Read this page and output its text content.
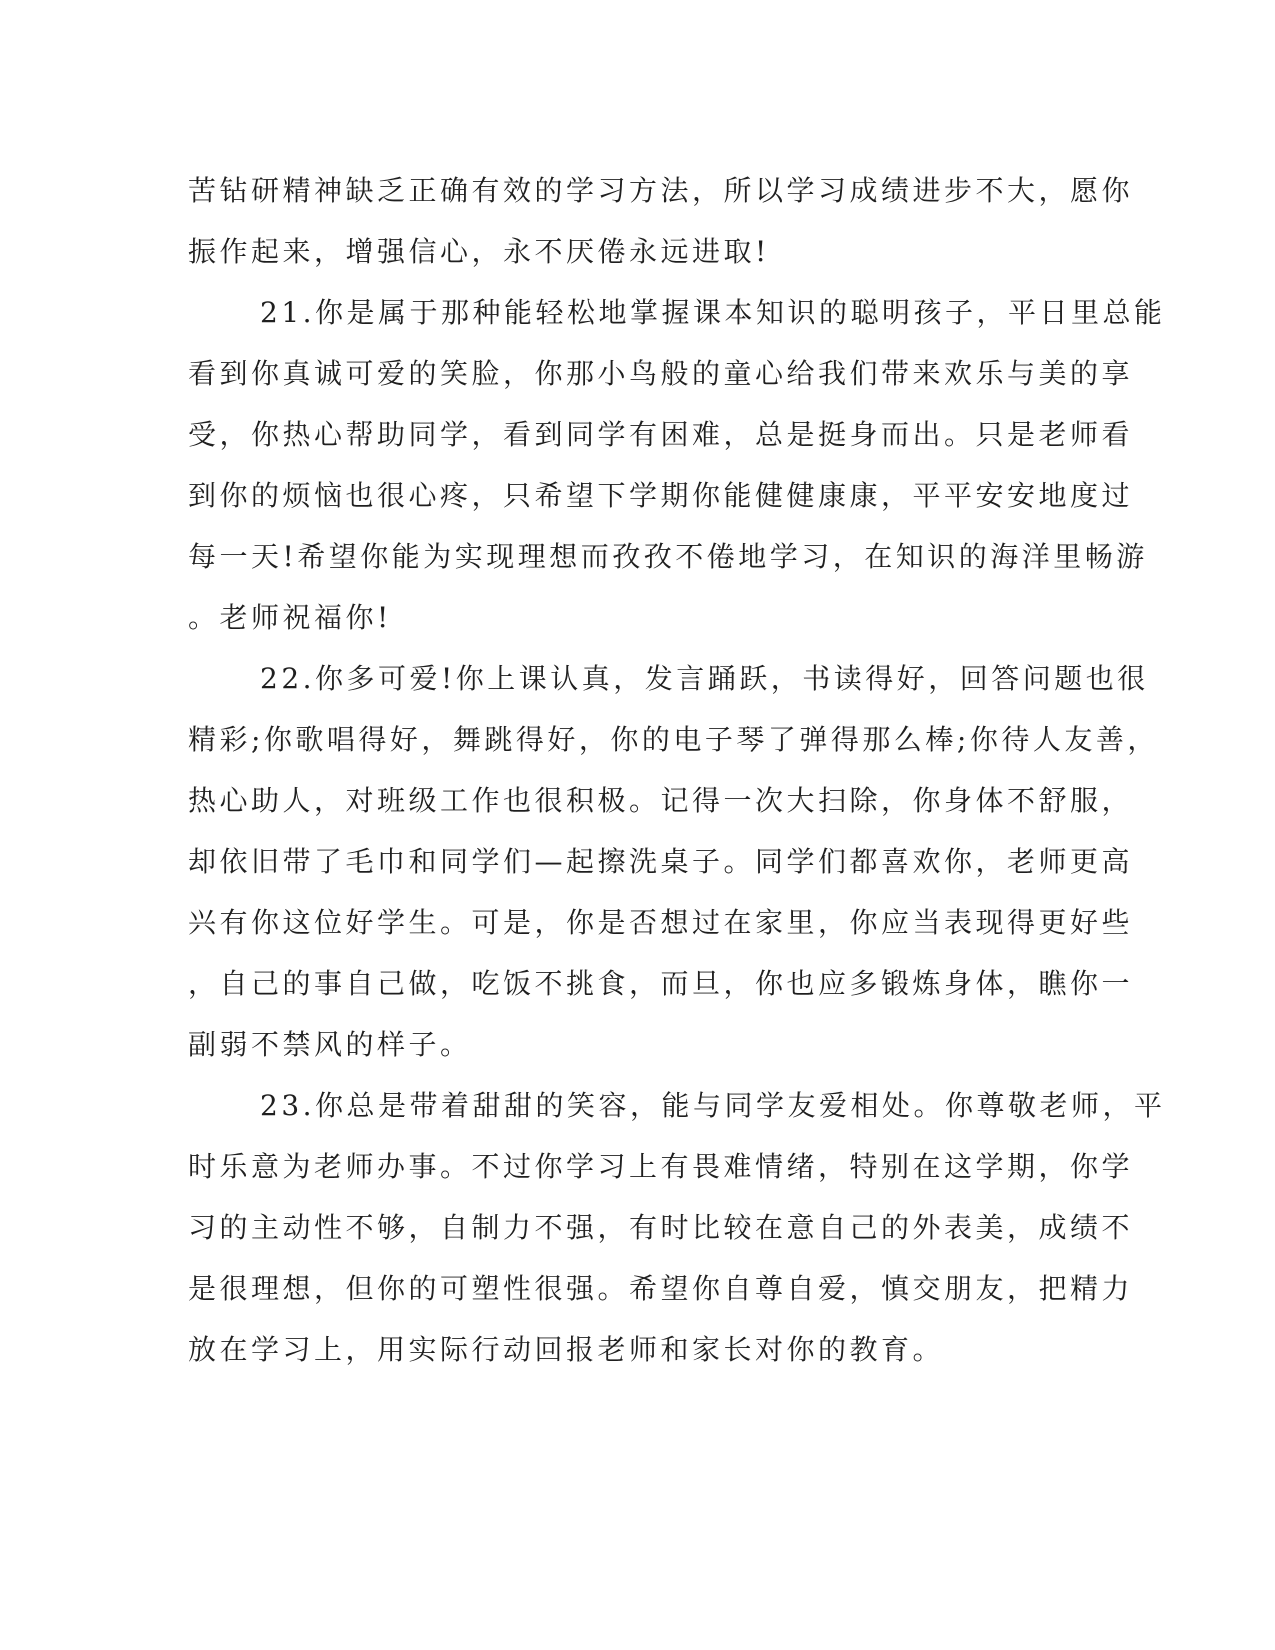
苦钻研精神缺乏正确有效的学习方法，所以学习成绩进步不大，愿你
振作起来，增强信心，永不厌倦永远进取!
21.你是属于那种能轻松地掌握课本知识的聪明孩子，平日里总能
看到你真诚可爱的笑脸，你那小鸟般的童心给我们带来欢乐与美的享
受，你热心帮助同学，看到同学有困难，总是挺身而出。只是老师看
到你的烦恼也很心疼，只希望下学期你能健健康康，平平安安地度过
每一天!希望你能为实现理想而孜孜不倦地学习，在知识的海洋里畅游
。老师祝福你!
22.你多可爱!你上课认真，发言踊跃，书读得好，回答问题也很
精彩;你歌唱得好，舞跳得好，你的电子琴了弹得那么棒;你待人友善，
热心助人，对班级工作也很积极。记得一次大扫除，你身体不舒服，
却依旧带了毛巾和同学们—起擦洗桌子。同学们都喜欢你，老师更高
兴有你这位好学生。可是，你是否想过在家里，你应当表现得更好些
，自己的事自己做，吃饭不挑食，而旦，你也应多锻炼身体，瞧你一
副弱不禁风的样子。
23.你总是带着甜甜的笑容，能与同学友爱相处。你尊敬老师，平
时乐意为老师办事。不过你学习上有畏难情绪，特别在这学期，你学
习的主动性不够，自制力不强，有时比较在意自己的外表美，成绩不
是很理想，但你的可塑性很强。希望你自尊自爱，慎交朋友，把精力
放在学习上，用实际行动回报老师和家长对你的教育。
